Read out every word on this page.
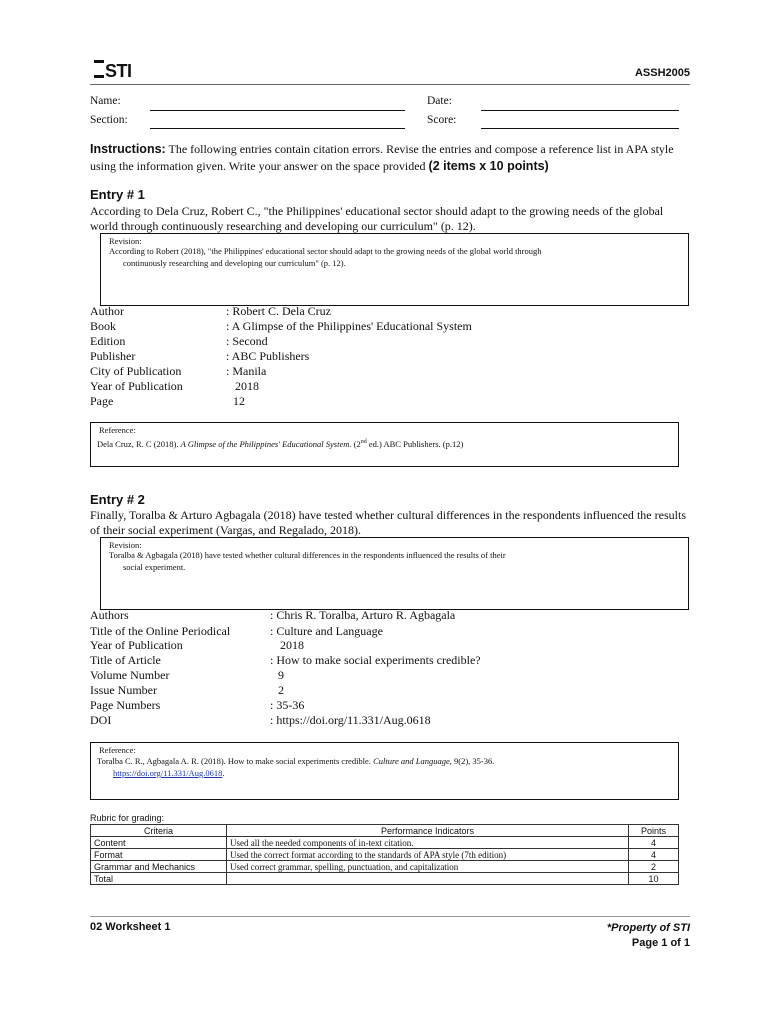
STI	ASSH2005
Name:	Date:
Section:	Score:
Instructions: The following entries contain citation errors. Revise the entries and compose a reference list in APA style using the information given. Write your answer on the space provided (2 items x 10 points)
Entry # 1
According to Dela Cruz, Robert C., "the Philippines' educational sector should adapt to the growing needs of the global world through continuously researching and developing our curriculum" (p. 12).
Revision:
According to Robert (2018), "the Philippines' educational sector should adapt to the growing needs of the global world through
continuously researching and developing our curriculum" (p. 12).
Author	: Robert C. Dela Cruz
Book	: A Glimpse of the Philippines' Educational System
Edition	: Second
Publisher	: ABC Publishers
City of Publication	: Manila
Year of Publication	2018
Page	12
Reference:
Dela Cruz, R. C (2018). A Glimpse of the Philippines' Educational System. (2nd ed.) ABC Publishers. (p.12)
Entry # 2
Finally, Toralba & Arturo Agbagala (2018) have tested whether cultural differences in the respondents influenced the results of their social experiment (Vargas, and Regalado, 2018).
Revision:
Toralba & Agbagala (2018) have tested whether cultural differences in the respondents influenced the results of their
social experiment.
Authors	: Chris R. Toralba, Arturo R. Agbagala
Title of the Online Periodical	: Culture and Language
Year of Publication	2018
Title of Article	: How to make social experiments credible?
Volume Number	9
Issue Number	2
Page Numbers	: 35-36
DOI	: https://doi.org/11.331/Aug.0618
Reference:
Toralba C. R., Agbagala A. R. (2018). How to make social experiments credible. Culture and Language, 9(2), 35-36.
https://doi.org/11.331/Aug.0618.
Rubric for grading:
Criteria	Performance Indicators	Points
Content	Used all the needed components of in-text citation.	4
Format	Used the correct format according to the standards of APA style (7th edition)	4
Grammar and Mechanics	Used correct grammar, spelling, punctuation, and capitalization	2
Total		10
02 Worksheet 1	*Property of STI
Page 1 of 1
